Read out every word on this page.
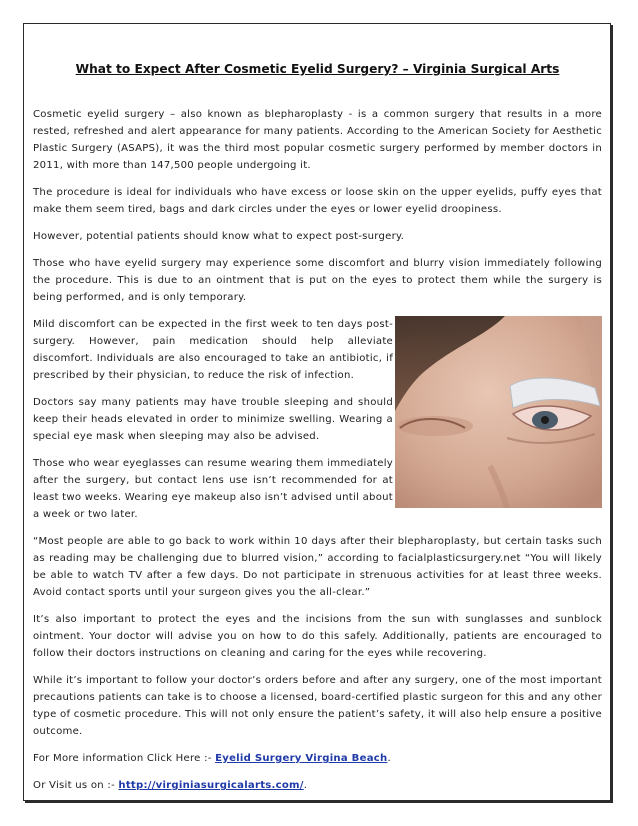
What to Expect After Cosmetic Eyelid Surgery? – Virginia Surgical Arts

Cosmetic eyelid surgery – also known as blepharoplasty - is a common surgery that results in a more rested, refreshed and alert appearance for many patients. According to the American Society for Aesthetic Plastic Surgery (ASAPS), it was the third most popular cosmetic surgery performed by member doctors in 2011, with more than 147,500 people undergoing it.

The procedure is ideal for individuals who have excess or loose skin on the upper eyelids, puffy eyes that make them seem tired, bags and dark circles under the eyes or lower eyelid droopiness.

However, potential patients should know what to expect post-surgery.

Those who have eyelid surgery may experience some discomfort and blurry vision immediately following the procedure. This is due to an ointment that is put on the eyes to protect them while the surgery is being performed, and is only temporary.

Mild discomfort can be expected in the first week to ten days post-surgery. However, pain medication should help alleviate discomfort. Individuals are also encouraged to take an antibiotic, if prescribed by their physician, to reduce the risk of infection.

Doctors say many patients may have trouble sleeping and should keep their heads elevated in order to minimize swelling. Wearing a special eye mask when sleeping may also be advised.

Those who wear eyeglasses can resume wearing them immediately after the surgery, but contact lens use isn’t recommended for at least two weeks. Wearing eye makeup also isn’t advised until about a week or two later.

“Most people are able to go back to work within 10 days after their blepharoplasty, but certain tasks such as reading may be challenging due to blurred vision,” according to facialplasticsurgery.net “You will likely be able to watch TV after a few days. Do not participate in strenuous activities for at least three weeks. Avoid contact sports until your surgeon gives you the all-clear.”

It’s also important to protect the eyes and the incisions from the sun with sunglasses and sunblock ointment. Your doctor will advise you on how to do this safely. Additionally, patients are encouraged to follow their doctors instructions on cleaning and caring for the eyes while recovering.

While it’s important to follow your doctor’s orders before and after any surgery, one of the most important precautions patients can take is to choose a licensed, board-certified plastic surgeon for this and any other type of cosmetic procedure. This will not only ensure the patient’s safety, it will also help ensure a positive outcome.

For More information Click Here :- Eyelid Surgery Virgina Beach.

Or Visit us on :- http://virginiasurgicalarts.com/.
